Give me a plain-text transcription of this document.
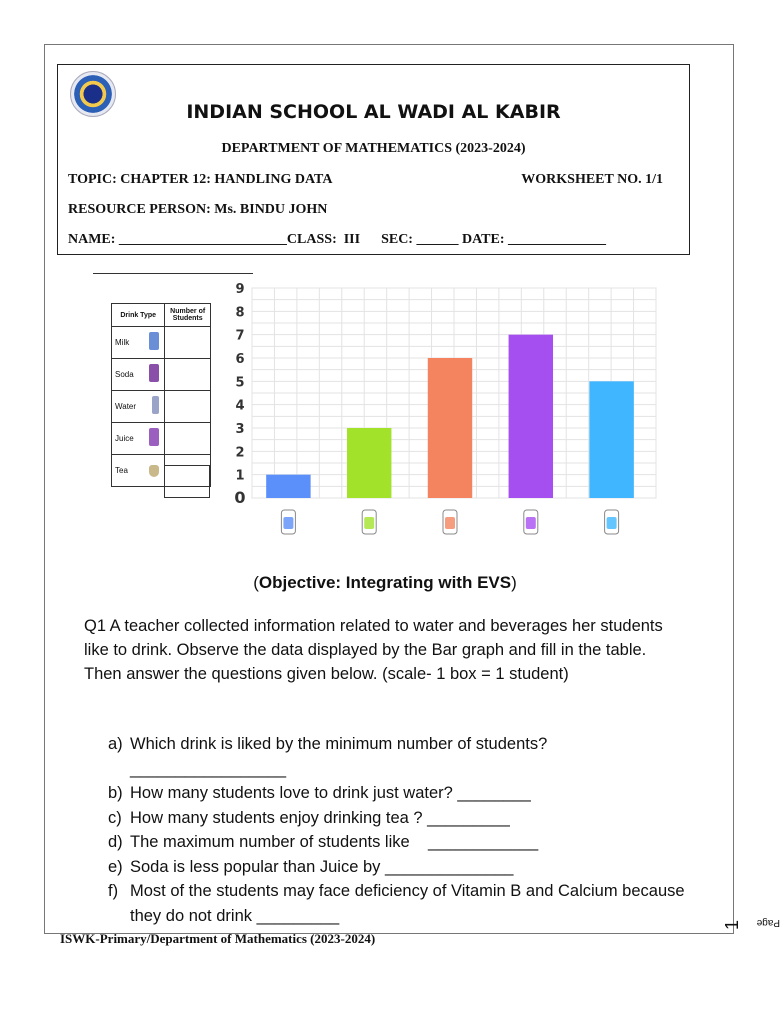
INDIAN SCHOOL AL WADI AL KABIR
DEPARTMENT OF MATHEMATICS (2023-2024)
TOPIC: CHAPTER 12: HANDLING DATA	WORKSHEET NO. 1/1
RESOURCE PERSON: Ms. BINDU JOHN
NAME: ________________________CLASS:  III      SEC: ______ DATE: ______________
Drink Type	Number of Students
Milk

Soda

Water

Juice

Tea

0
1
2
3
4
5
6
7
8
9
(Objective: Integrating with EVS)
Q1 A teacher collected information related to water and beverages her students like to drink. Observe the data displayed by the Bar graph and fill in the table. Then answer the questions given below. (scale- 1 box = 1 student)
a) Which drink is liked by the minimum number of students?
_________________
b) How many students love to drink just water? ________
c) How many students enjoy drinking tea ? _________
d) The maximum number of students like    ____________
e) Soda is less popular than Juice by ______________
f) Most of the students may face deficiency of Vitamin B and Calcium because they do not drink _________
ISWK-Primary/Department of Mathematics (2023-2024)
Page
1
